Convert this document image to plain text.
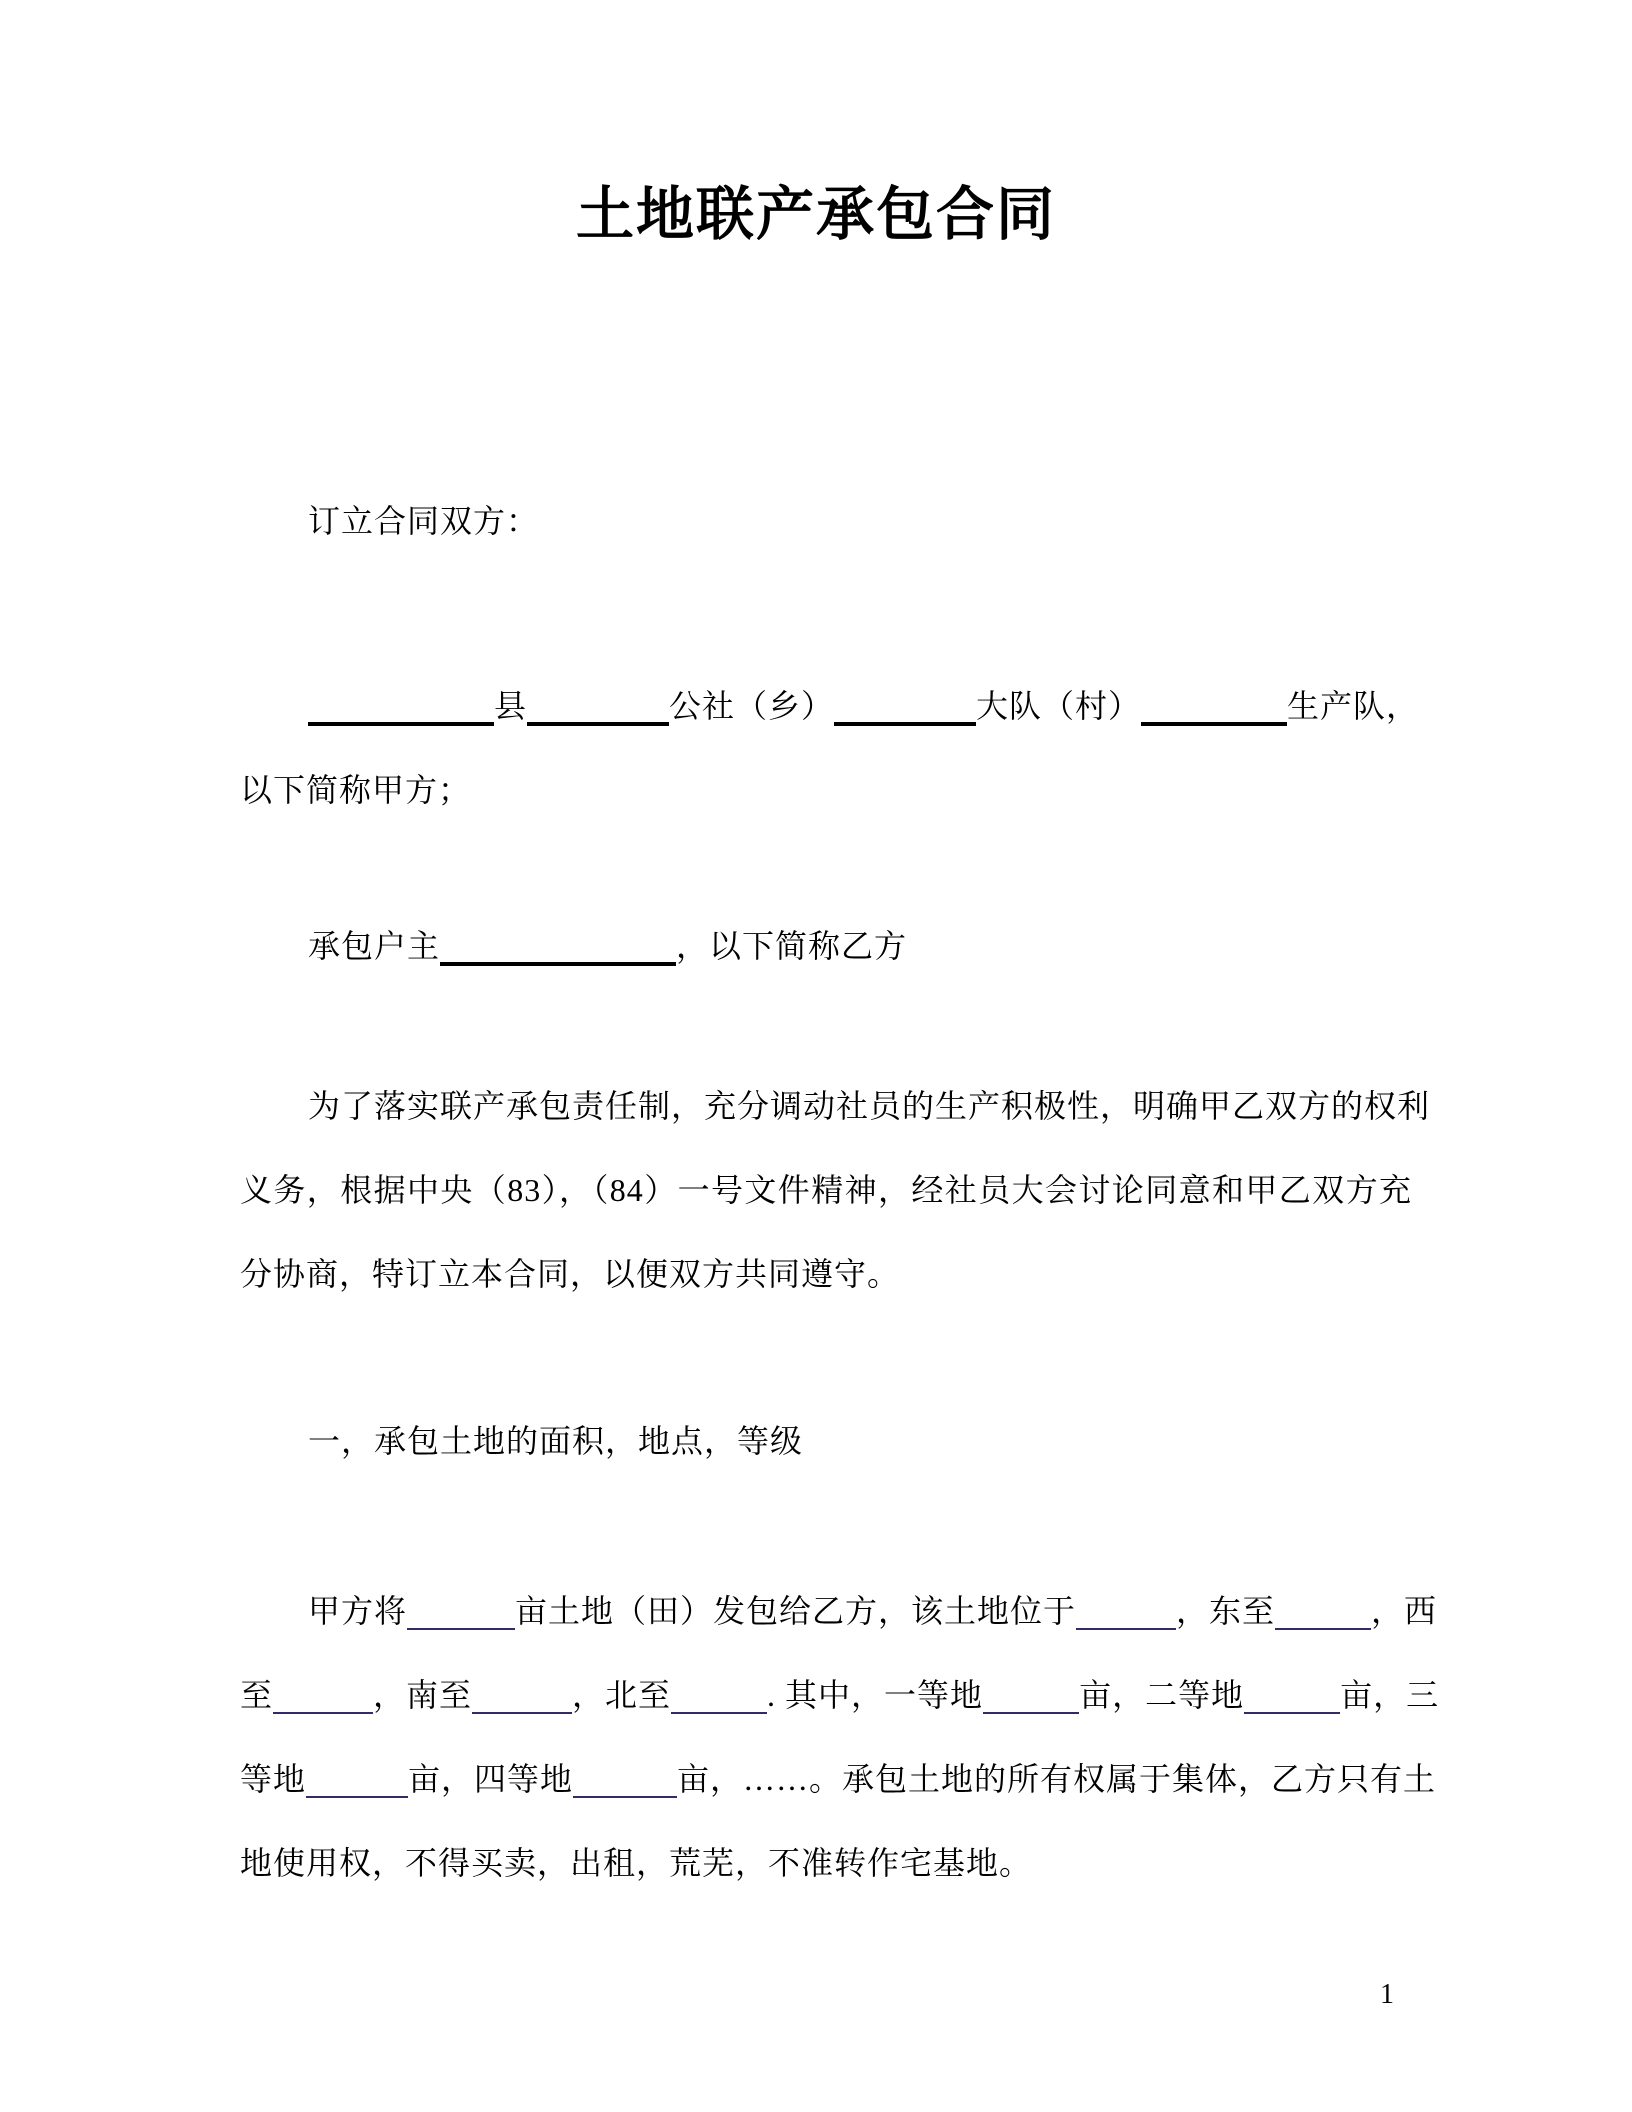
土地联产承包合同
订立合同双方：
县	公社（乡）	大队（村）	生产队，
以下简称甲方；
承包户主	，以下简称乙方
为了落实联产承包责任制，充分调动社员的生产积极性，明确甲乙双方的权利
义务，根据中央（83），（84）一号文件精神，经社员大会讨论同意和甲乙双方充
分协商，特订立本合同，以便双方共同遵守。
一，承包土地的面积，地点，等级
甲方将	亩土地（田）发包给乙方，该土地位于	，东至	，西
至	，南至	，北至	. 其中，一等地	亩，二等地	亩，三
等地	亩，四等地	亩，……。承包土地的所有权属于集体，乙方只有土
地使用权，不得买卖，出租，荒芜，不准转作宅基地。
1
